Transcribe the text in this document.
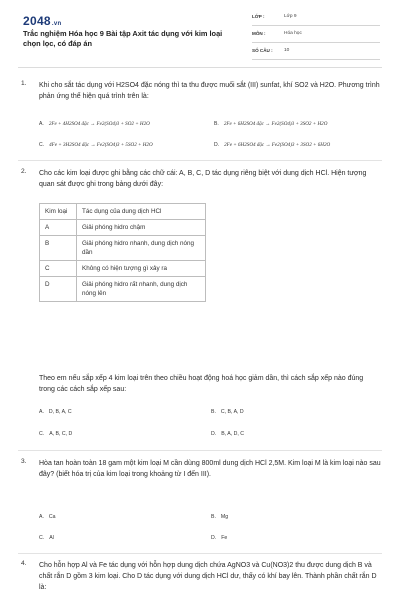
2048.vn
Trắc nghiệm Hóa học 9 Bài tập Axit tác dụng với kim loại chọn lọc, có đáp án
LỚP :	Lớp 9
MÔN :	Hóa học
SỐ CÂU : 10
1. Khi cho sắt tác dụng với H2SO4 đặc nóng thì ta thu được muối sắt (III) sunfat, khí SO2 và H2O. Phương trình phản ứng thể hiện quá trình trên là:
A. 2Fe + 4H2SO4 đặc → Fe2(SO4)3 + SO2 + H2O	B. 2Fe + 6H2SO4 đặc → Fe2(SO4)3 + 3SO2 + H2O
C. 4Fe + 3H2SO4 đặc → Fe2(SO4)3 + 5SO2 + H2O	D. 2Fe + 6H2SO4 đặc → Fe2(SO4)3 + 3SO2 + 6H2O
2. Cho các kim loại được ghi bằng các chữ cái: A, B, C, D tác dụng riêng biệt với dung dịch HCl. Hiện tượng quan sát được ghi trong bảng dưới đây:
Kim loại	Tác dụng của dung dịch HCl
A	Giải phóng hidro chậm
B	Giải phóng hidro nhanh, dung dịch nóng dần
C	Không có hiện tượng gì xảy ra
D	Giải phóng hidro rất nhanh, dung dịch nóng lên
Theo em nếu sắp xếp 4 kim loại trên theo chiều hoạt động hoá học giảm dần, thì cách sắp xếp nào đúng trong các cách sắp xếp sau:
A. D, B, A, C	B. C, B, A, D
C. A, B, C, D	D. B, A, D, C
3. Hòa tan hoàn toàn 18 gam một kim loại M cần dùng 800ml dung dịch HCl 2,5M. Kim loại M là kim loại nào sau đây? (biết hóa trị của kim loại trong khoảng từ I đến III).
A. Ca	B. Mg
C. Al	D. Fe
4. Cho hỗn hợp Al và Fe tác dụng với hỗn hợp dung dịch chứa AgNO3 và Cu(NO3)2 thu được dung dịch B và chất rắn D gồm 3 kim loại. Cho D tác dụng với dung dịch HCl dư, thấy có khí bay lên. Thành phần chất rắn D là:
